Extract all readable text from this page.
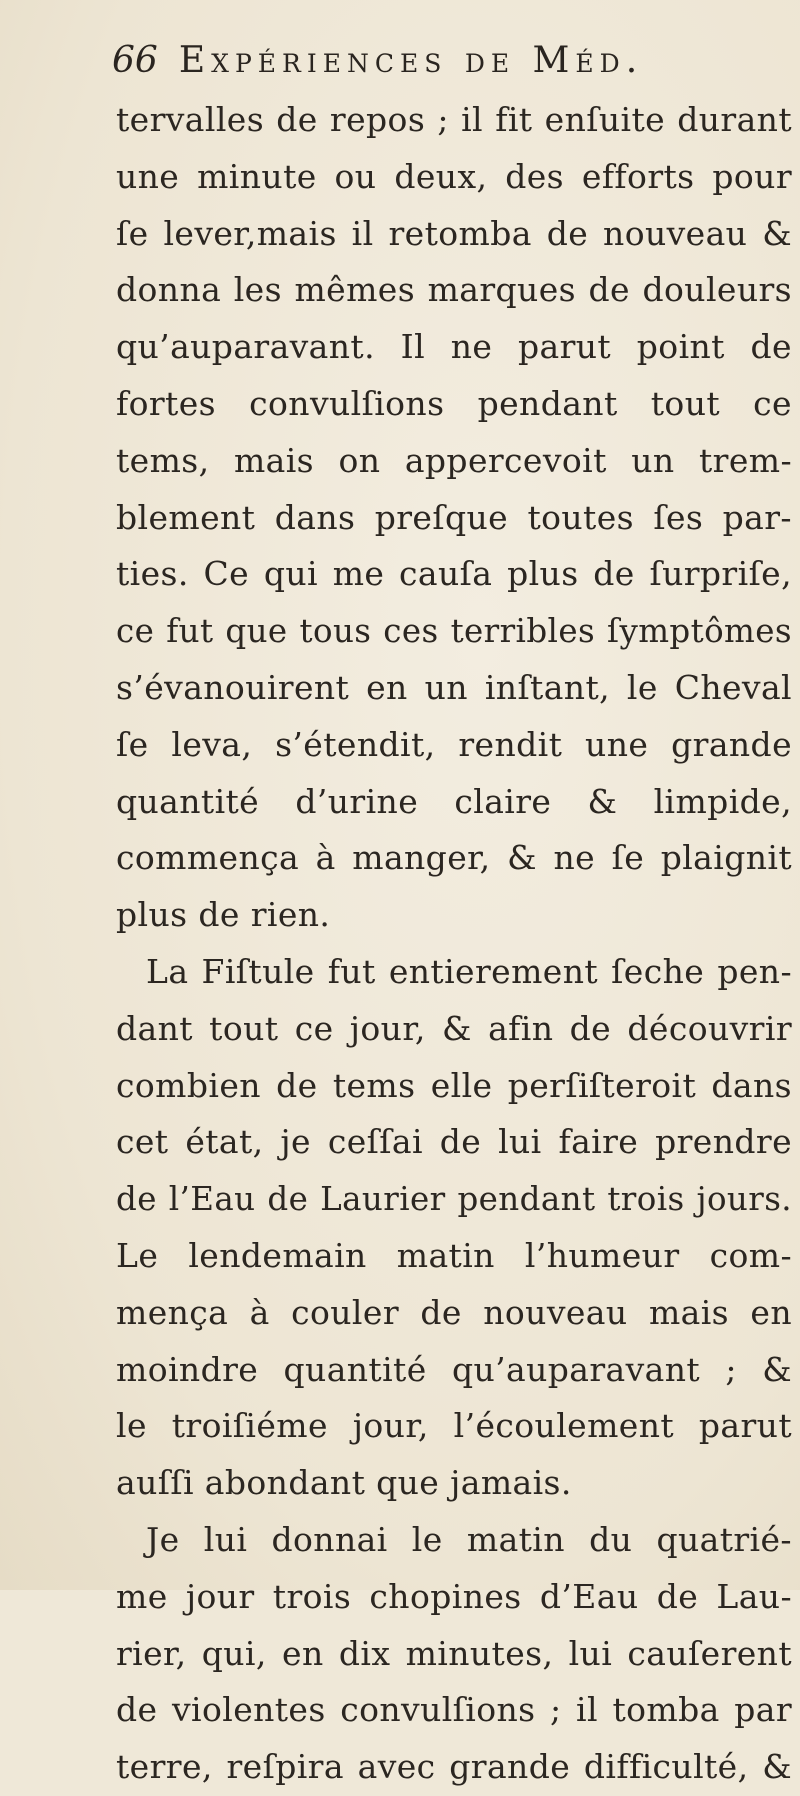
66 Expériences de Méd.
tervalles de repos ; il fit enſuite durant
une minute ou deux, des efforts pour
ſe lever,mais il retomba de nouveau &
donna les mêmes marques de douleurs
qu’auparavant. Il ne parut point de
fortes convulſions pendant tout ce
tems, mais on appercevoit un trem-
blement dans preſque toutes ſes par-
ties. Ce qui me cauſa plus de ſurpriſe,
ce fut que tous ces terribles ſymptômes
s’évanouirent en un inſtant, le Cheval
ſe leva, s’étendit, rendit une grande
quantité d’urine claire & limpide,
commença à manger, & ne ſe plaignit
plus de rien.
La Fiſtule fut entierement ſeche pen-
dant tout ce jour, & afin de découvrir
combien de tems elle perſiſteroit dans
cet état, je ceſſai de lui faire prendre
de l’Eau de Laurier pendant trois jours.
Le lendemain matin l’humeur com-
mença à couler de nouveau mais en
moindre quantité qu’auparavant ; &
le troiſiéme jour, l’écoulement parut
auſſi abondant que jamais.
Je lui donnai le matin du quatrié-
me jour trois chopines d’Eau de Lau-
rier, qui, en dix minutes, lui cauſerent
de violentes convulſions ; il tomba par
terre, reſpira avec grande difficulté, &
